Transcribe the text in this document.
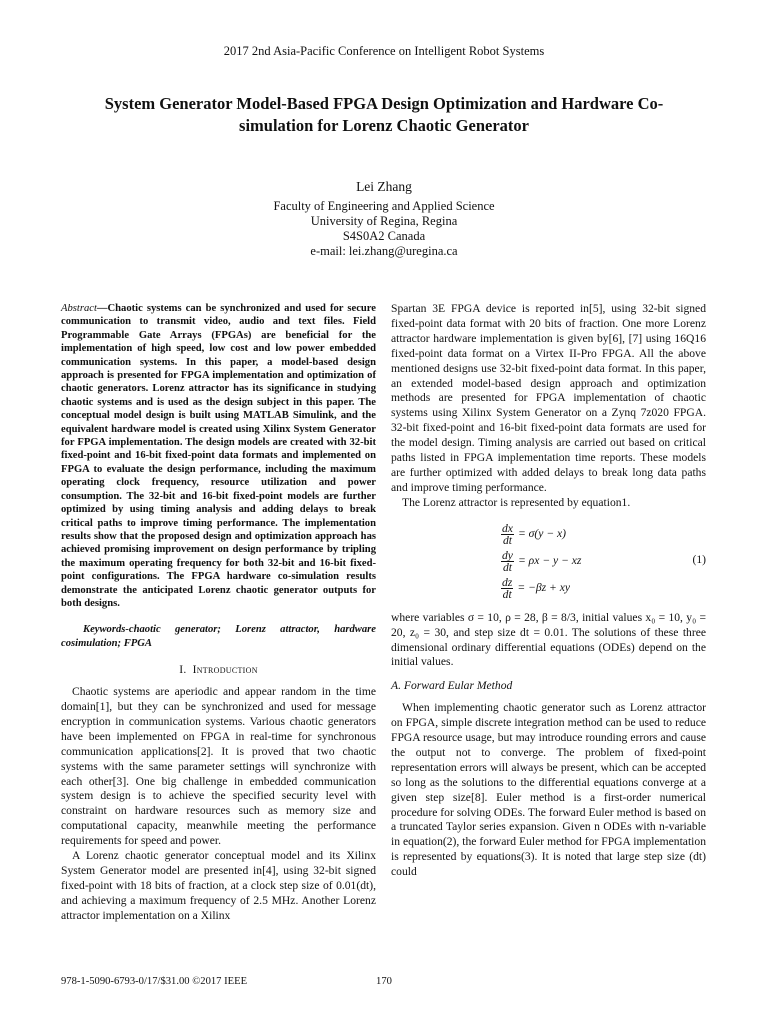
2017 2nd Asia-Pacific Conference on Intelligent Robot Systems
System Generator Model-Based FPGA Design Optimization and Hardware Co-
simulation for Lorenz Chaotic Generator
Lei Zhang
Faculty of Engineering and Applied Science
University of Regina, Regina
S4S0A2 Canada
e-mail: lei.zhang@uregina.ca

Abstract—Chaotic systems can be synchronized and used for secure communication to transmit video, audio and text files. Field Programmable Gate Arrays (FPGAs) are beneficial for the implementation of high speed, low cost and low power embedded communication systems. In this paper, a model-based design approach is presented for FPGA implementation and optimization of chaotic generators. Lorenz attractor has its significance in studying chaotic systems and is used as the design subject in this paper. The conceptual model design is built using MATLAB Simulink, and the equivalent hardware model is created using Xilinx System Generator for FPGA implementation. The design models are created with 32-bit fixed-point and 16-bit fixed-point data formats and implemented on FPGA to evaluate the design performance, including the maximum operating clock frequency, resource utilization and power consumption. The 32-bit and 16-bit fixed-point models are further optimized by using timing analysis and adding delays to break critical paths to improve timing performance. The implementation results show that the proposed design and optimization approach has achieved promising improvement on design performance by tripling the maximum operating frequency for both 32-bit and 16-bit fixed-point configurations. The FPGA hardware co-simulation results demonstrate the anticipated Lorenz chaotic generator outputs for both designs.

Keywords-chaotic generator; Lorenz attractor, hardware cosimulation; FPGA

I. Introduction

Chaotic systems are aperiodic and appear random in the time domain[1], but they can be synchronized and used for message encryption in communication systems. Various chaotic generators have been implemented on FPGA in real-time for synchronous communication applications[2]. It is proved that two chaotic systems with the same parameter settings will synchronize with each other[3]. One big challenge in embedded communication system design is to achieve the specified security level with constraint on hardware resources such as memory size and computational capacity, meanwhile meeting the performance requirements for speed and power.

A Lorenz chaotic generator conceptual model and its Xilinx System Generator model are presented in[4], using 32-bit signed fixed-point with 18 bits of fraction, at a clock step size of 0.01(dt), and achieving a maximum frequency of 2.5 MHz. Another Lorenz attractor implementation on a Xilinx

Spartan 3E FPGA device is reported in[5], using 32-bit signed fixed-point data format with 20 bits of fraction. One more Lorenz attractor hardware implementation is given by[6], [7] using 16Q16 fixed-point data format on a Virtex II-Pro FPGA. All the above mentioned designs use 32-bit fixed-point data format. In this paper, an extended model-based design approach and optimization methods are presented for FPGA implementation of chaotic systems using Xilinx System Generator on a Zynq 7z020 FPGA. 32-bit fixed-point and 16-bit fixed-point data formats are used for the model design. Timing analysis are carried out based on critical paths listed in FPGA implementation time reports. These models are further optimized with added delays to break long data paths and improve timing performance.

The Lorenz attractor is represented by equation1.

$\frac{dx}{dt} = \sigma(y - x)$
$\frac{dy}{dt} = \rho x - y$ − xz
$\frac{dz}{dt} = -\beta z$ + xy
(1)

where variables σ = 10, ρ = 28, β = 8/3, initial values x₀ = 10, y₀ = 20, z₀ = 30, and step size dt = 0.01. The solutions of these three dimensional ordinary differential equations (ODEs) depend on the initial values.

A. Forward Eular Method

When implementing chaotic generator such as Lorenz attractor on FPGA, simple discrete integration method can be used to reduce FPGA resource usage, but may introduce rounding errors and cause the output not to converge. The problem of fixed-point representation errors will always be present, which can be accepted so long as the solutions to the differential equations converge at a given step size[8]. Euler method is a first-order numerical procedure for solving ODEs. The forward Euler method is based on a truncated Taylor series expansion. Given n ODEs with n-variable in equation(2), the forward Euler method for FPGA implementation is represented by equations(3). It is noted that large step size (dt) could

978-1-5090-6793-0/17/$31.00 ©2017 IEEE	170
